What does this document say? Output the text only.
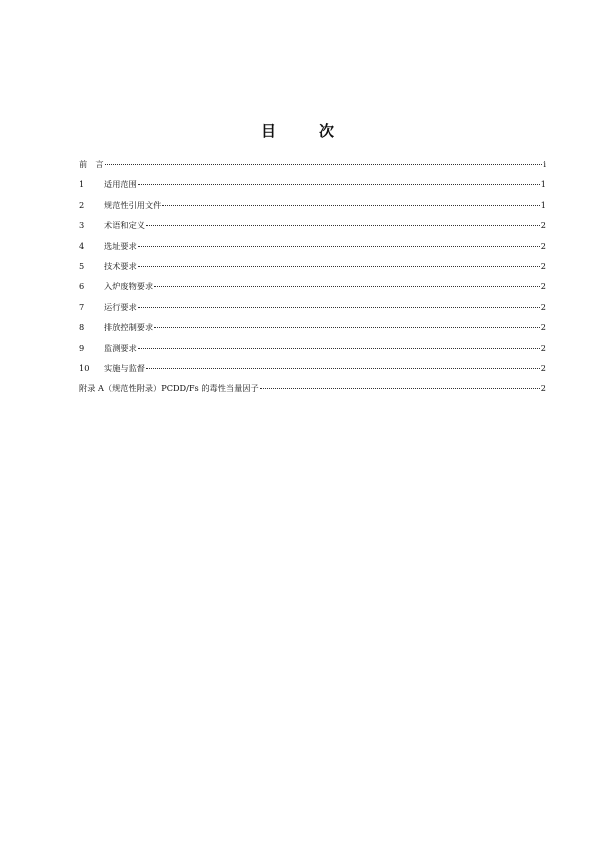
目　次
前　言	i
1	适用范围	1
2	规范性引用文件	1
3	术语和定义	2
4	选址要求	2
5	技术要求	2
6	入炉废物要求	2
7	运行要求	2
8	排放控制要求	2
9	监测要求	2
10	实施与监督	2
附录 A（规范性附录）PCDD/Fs 的毒性当量因子	2
